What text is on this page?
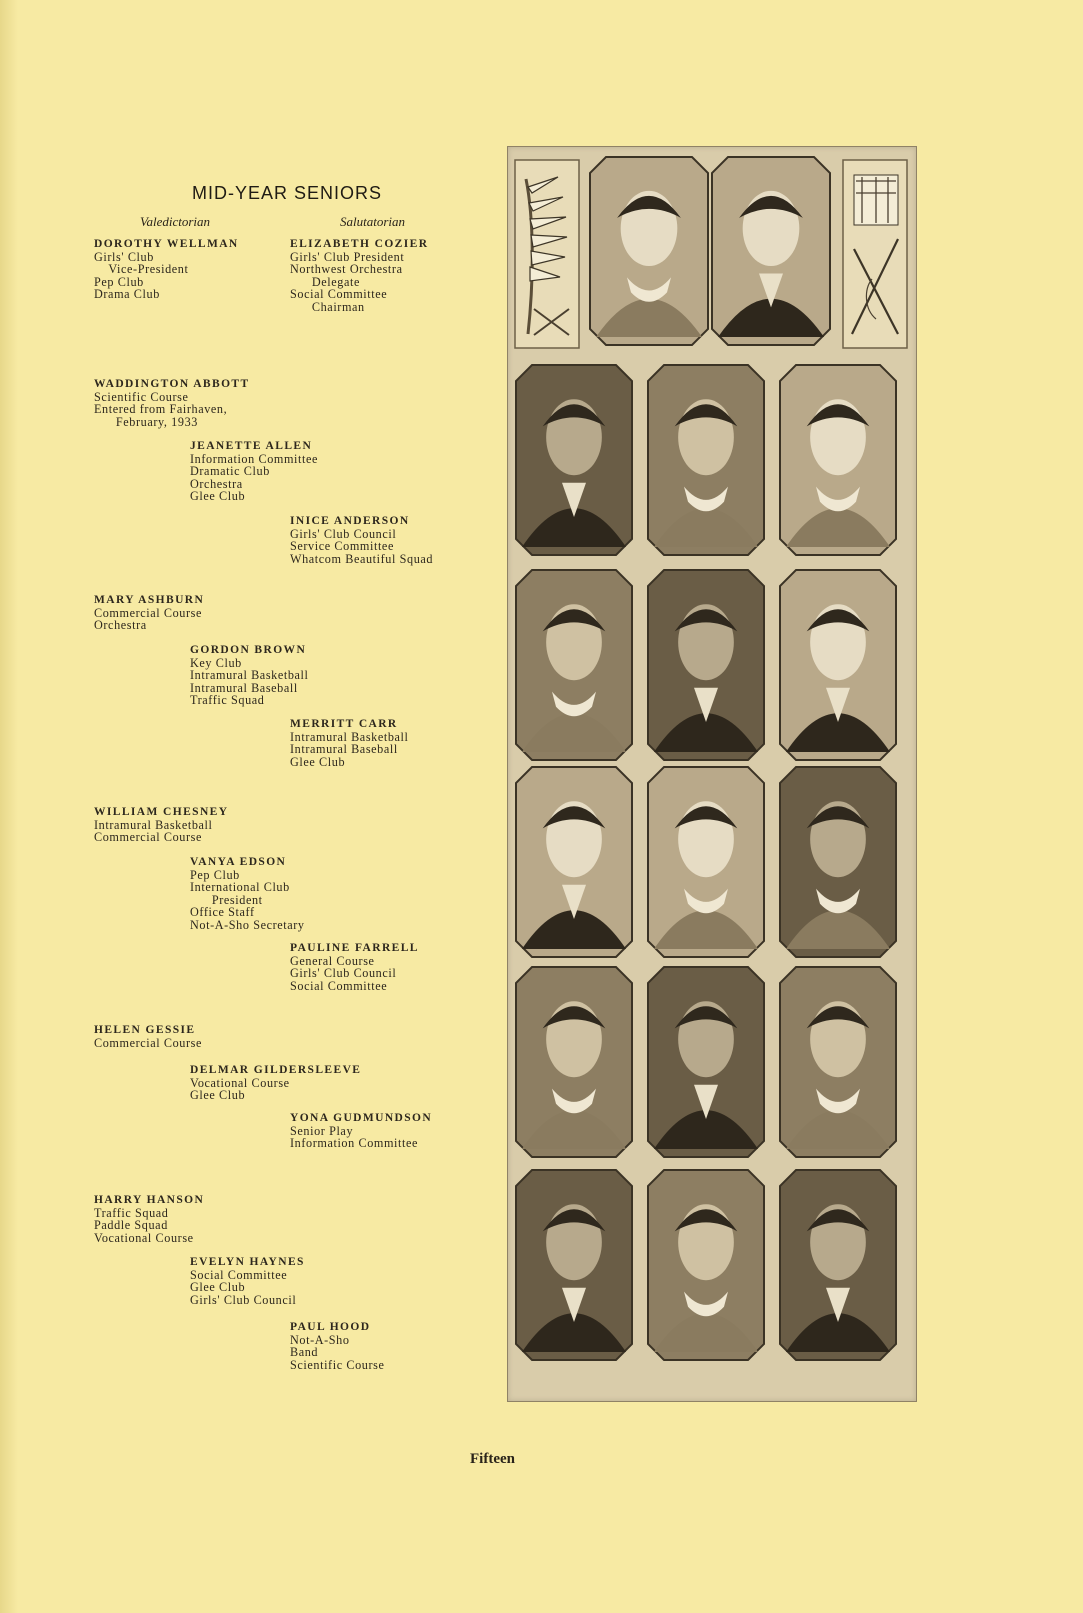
MID-YEAR SENIORS
Valedictorian	Salutatorian
DOROTHY WELLMAN
Girls' Club
Vice-President
Pep Club
Drama Club
ELIZABETH COZIER
Girls' Club President
Northwest Orchestra
Delegate
Social Committee
Chairman
WADDINGTON ABBOTT
Scientific Course
Entered from Fairhaven,
February, 1933
JEANETTE ALLEN
Information Committee
Dramatic Club
Orchestra
Glee Club
INICE ANDERSON
Girls' Club Council
Service Committee
Whatcom Beautiful Squad
MARY ASHBURN
Commercial Course
Orchestra
GORDON BROWN
Key Club
Intramural Basketball
Intramural Baseball
Traffic Squad
MERRITT CARR
Intramural Basketball
Intramural Baseball
Glee Club
WILLIAM CHESNEY
Intramural Basketball
Commercial Course
VANYA EDSON
Pep Club
International Club
President
Office Staff
Not-A-Sho Secretary
PAULINE FARRELL
General Course
Girls' Club Council
Social Committee
HELEN GESSIE
Commercial Course
DELMAR GILDERSLEEVE
Vocational Course
Glee Club
YONA GUDMUNDSON
Senior Play
Information Committee
HARRY HANSON
Traffic Squad
Paddle Squad
Vocational Course
EVELYN HAYNES
Social Committee
Glee Club
Girls' Club Council
PAUL HOOD
Not-A-Sho
Band
Scientific Course
Fifteen
